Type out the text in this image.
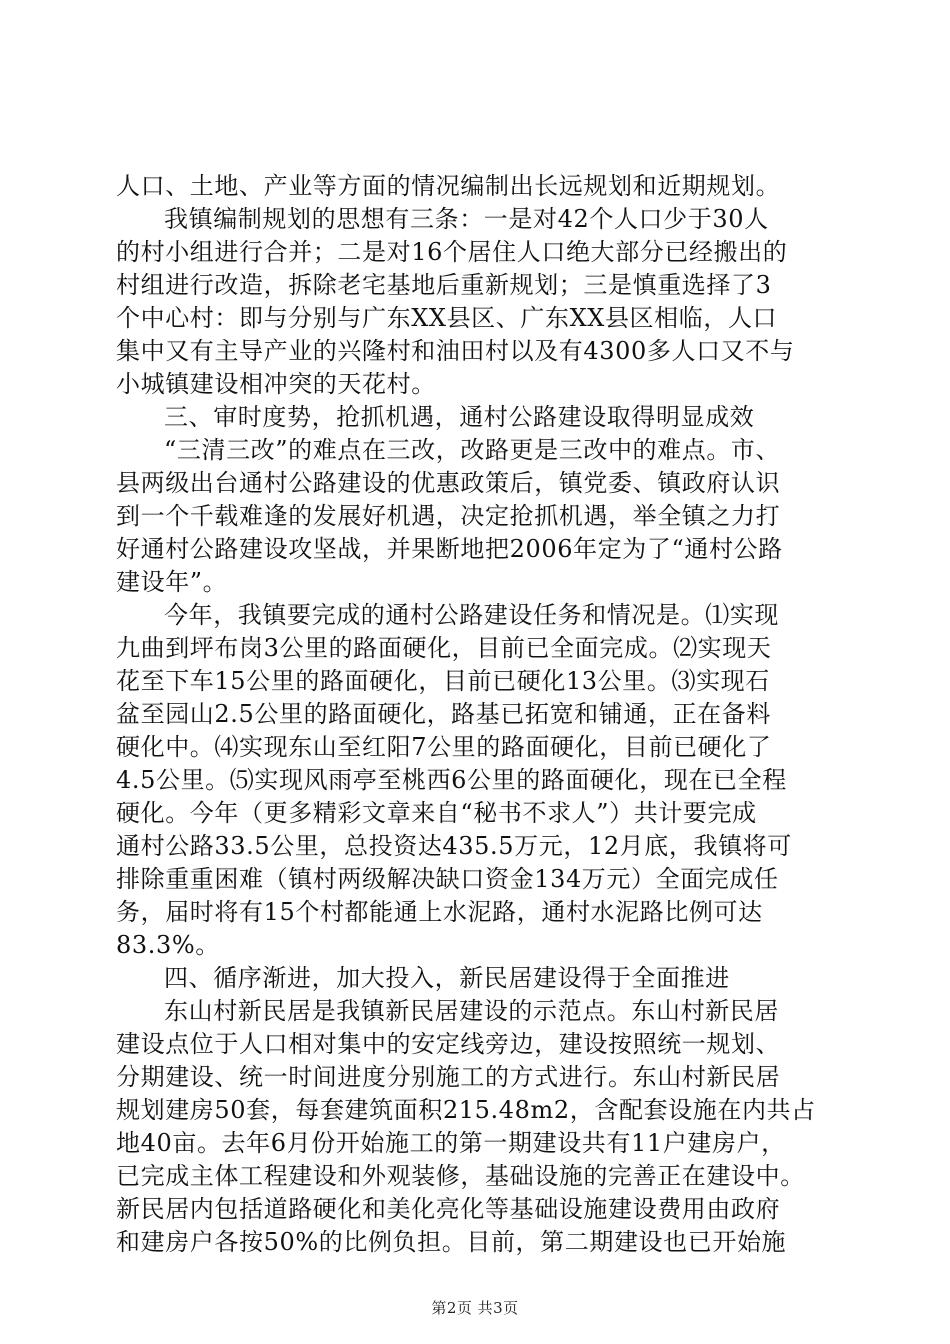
人口、土地、产业等方面的情况编制出长远规划和近期规划。
我镇编制规划的思想有三条：一是对42个人口少于30人
的村小组进行合并；二是对16个居住人口绝大部分已经搬出的
村组进行改造，拆除老宅基地后重新规划；三是慎重选择了3
个中心村：即与分别与广东XX县区、广东XX县区相临，人口
集中又有主导产业的兴隆村和油田村以及有4300多人口又不与
小城镇建设相冲突的天花村。
三、审时度势，抢抓机遇，通村公路建设取得明显成效
“三清三改”的难点在三改，改路更是三改中的难点。市、
县两级出台通村公路建设的优惠政策后，镇党委、镇政府认识
到一个千载难逢的发展好机遇，决定抢抓机遇，举全镇之力打
好通村公路建设攻坚战，并果断地把2006年定为了“通村公路
建设年”。
今年，我镇要完成的通村公路建设任务和情况是。⑴实现
九曲到坪布岗3公里的路面硬化，目前已全面完成。⑵实现天
花至下车15公里的路面硬化，目前已硬化13公里。⑶实现石
盆至园山2.5公里的路面硬化，路基已拓宽和铺通，正在备料
硬化中。⑷实现东山至红阳7公里的路面硬化，目前已硬化了
4.5公里。⑸实现风雨亭至桃西6公里的路面硬化，现在已全程
硬化。今年（更多精彩文章来自“秘书不求人”）共计要完成
通村公路33.5公里，总投资达435.5万元，12月底，我镇将可
排除重重困难（镇村两级解决缺口资金134万元）全面完成任
务，届时将有15个村都能通上水泥路，通村水泥路比例可达
83.3%。
四、循序渐进，加大投入，新民居建设得于全面推进
东山村新民居是我镇新民居建设的示范点。东山村新民居
建设点位于人口相对集中的安定线旁边，建设按照统一规划、
分期建设、统一时间进度分别施工的方式进行。东山村新民居
规划建房50套，每套建筑面积215.48m2，含配套设施在内共占
地40亩。去年6月份开始施工的第一期建设共有11户建房户，
已完成主体工程建设和外观装修，基础设施的完善正在建设中。
新民居内包括道路硬化和美化亮化等基础设施建设费用由政府
和建房户各按50%的比例负担。目前，第二期建设也已开始施
第2页 共3页
